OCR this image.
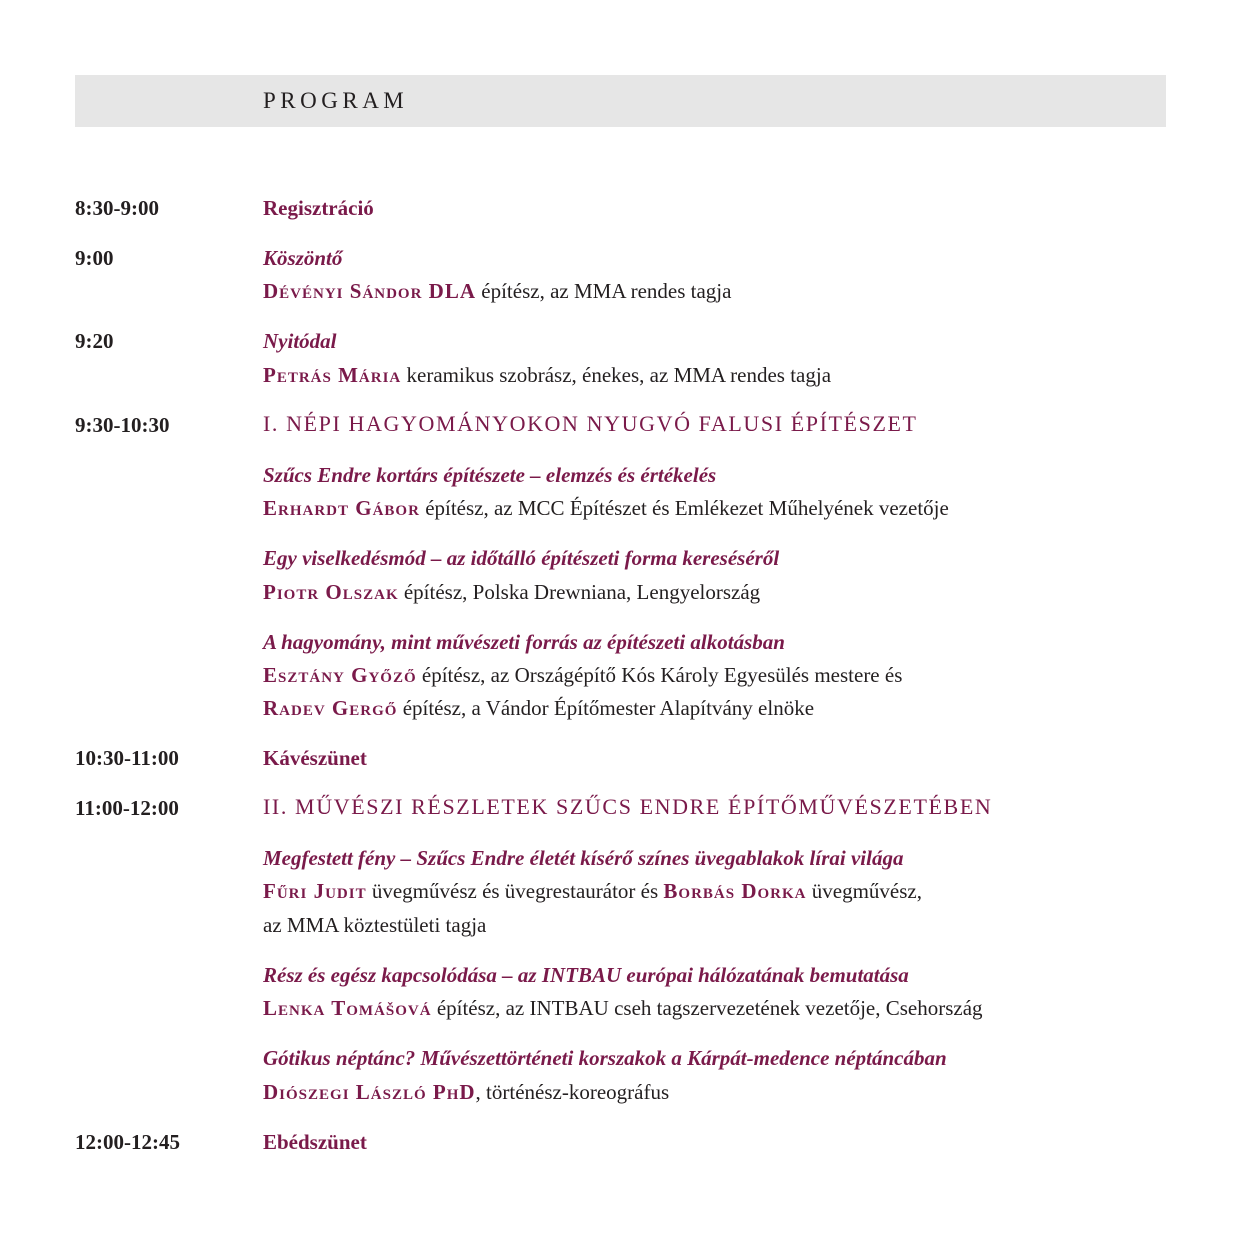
PROGRAM
8:30-9:00	Regisztráció
9:00	Köszöntő
Dévényi Sándor DLA építész, az MMA rendes tagja
9:20	Nyitódal
Petrás Mária keramikus szobrász, énekes, az MMA rendes tagja
9:30-10:30	I. NÉPI HAGYOMÁNYOKON NYUGVÓ FALUSI ÉPÍTÉSZET
Szűcs Endre kortárs építészete – elemzés és értékelés
Erhardt Gábor építész, az MCC Építészet és Emlékezet Műhelyének vezetője
Egy viselkedésmód – az időtálló építészeti forma kereséséről
Piotr Olszak építész, Polska Drewniana, Lengyelország
A hagyomány, mint művészeti forrás az építészeti alkotásban
Esztány Győző építész, az Országépítő Kós Károly Egyesülés mestere és
Radev Gergő építész, a Vándor Építőmester Alapítvány elnöke
10:30-11:00	Kávészünet
11:00-12:00	II. MŰVÉSZI RÉSZLETEK SZŰCS ENDRE ÉPÍTŐMŰVÉSZETÉBEN
Megfestett fény – Szűcs Endre életét kísérő színes üvegablakok lírai világa
Fűri Judit üvegművész és üvegrestaurátor és Borbás Dorka üvegművész,
az MMA köztestületi tagja
Rész és egész kapcsolódása – az INTBAU európai hálózatának bemutatása
Lenka Tomášová építész, az INTBAU cseh tagszervezetének vezetője, Csehország
Gótikus néptánc? Művészettörténeti korszakok a Kárpát-medence néptáncában
Diószegi László PhD, történész-koreográfus
12:00-12:45	Ebédszünet
